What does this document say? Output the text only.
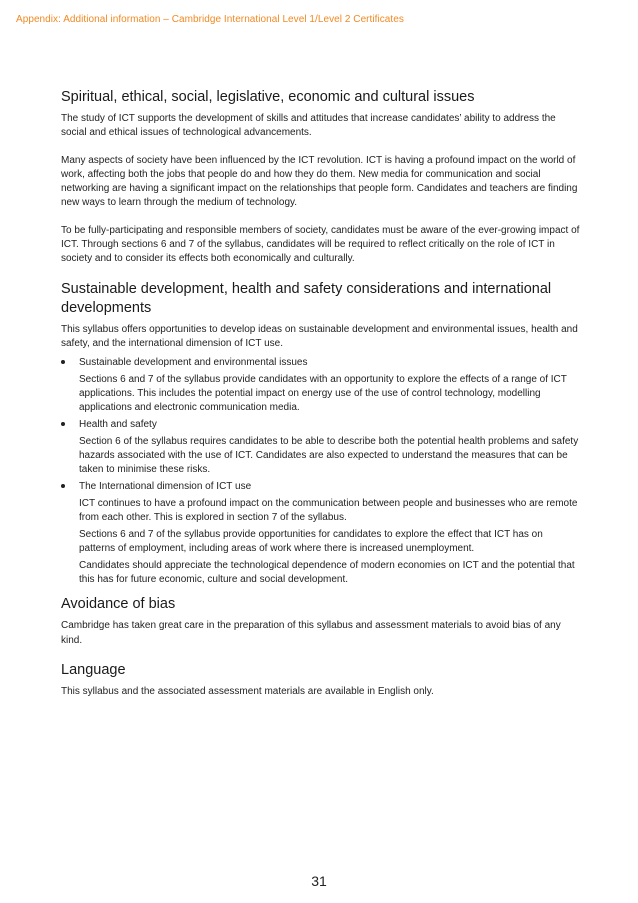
Appendix: Additional information – Cambridge International Level 1/Level 2 Certificates
Spiritual, ethical, social, legislative, economic and cultural issues

The study of ICT supports the development of skills and attitudes that increase candidates’ ability to address the social and ethical issues of technological advancements.

Many aspects of society have been influenced by the ICT revolution. ICT is having a profound impact on the world of work, affecting both the jobs that people do and how they do them. New media for communication and social networking are having a significant impact on the relationships that people form. Candidates and teachers are finding new ways to learn through the medium of technology.

To be fully-participating and responsible members of society, candidates must be aware of the ever-growing impact of ICT. Through sections 6 and 7 of the syllabus, candidates will be required to reflect critically on the role of ICT in society and to consider its effects both economically and culturally.

Sustainable development, health and safety considerations and international developments

This syllabus offers opportunities to develop ideas on sustainable development and environmental issues, health and safety, and the international dimension of ICT use.

Sustainable development and environmental issues

Sections 6 and 7 of the syllabus provide candidates with an opportunity to explore the effects of a range of ICT applications. This includes the potential impact on energy use of the use of control technology, modelling applications and electronic communication media.

Health and safety

Section 6 of the syllabus requires candidates to be able to describe both the potential health problems and safety hazards associated with the use of ICT. Candidates are also expected to understand the measures that can be taken to minimise these risks.

The International dimension of ICT use

ICT continues to have a profound impact on the communication between people and businesses who are remote from each other. This is explored in section 7 of the syllabus.

Sections 6 and 7 of the syllabus provide opportunities for candidates to explore the effect that ICT has on patterns of employment, including areas of work where there is increased unemployment.

Candidates should appreciate the technological dependence of modern economies on ICT and the potential that this has for future economic, culture and social development.

Avoidance of bias

Cambridge has taken great care in the preparation of this syllabus and assessment materials to avoid bias of any kind.

Language

This syllabus and the associated assessment materials are available in English only.

31
